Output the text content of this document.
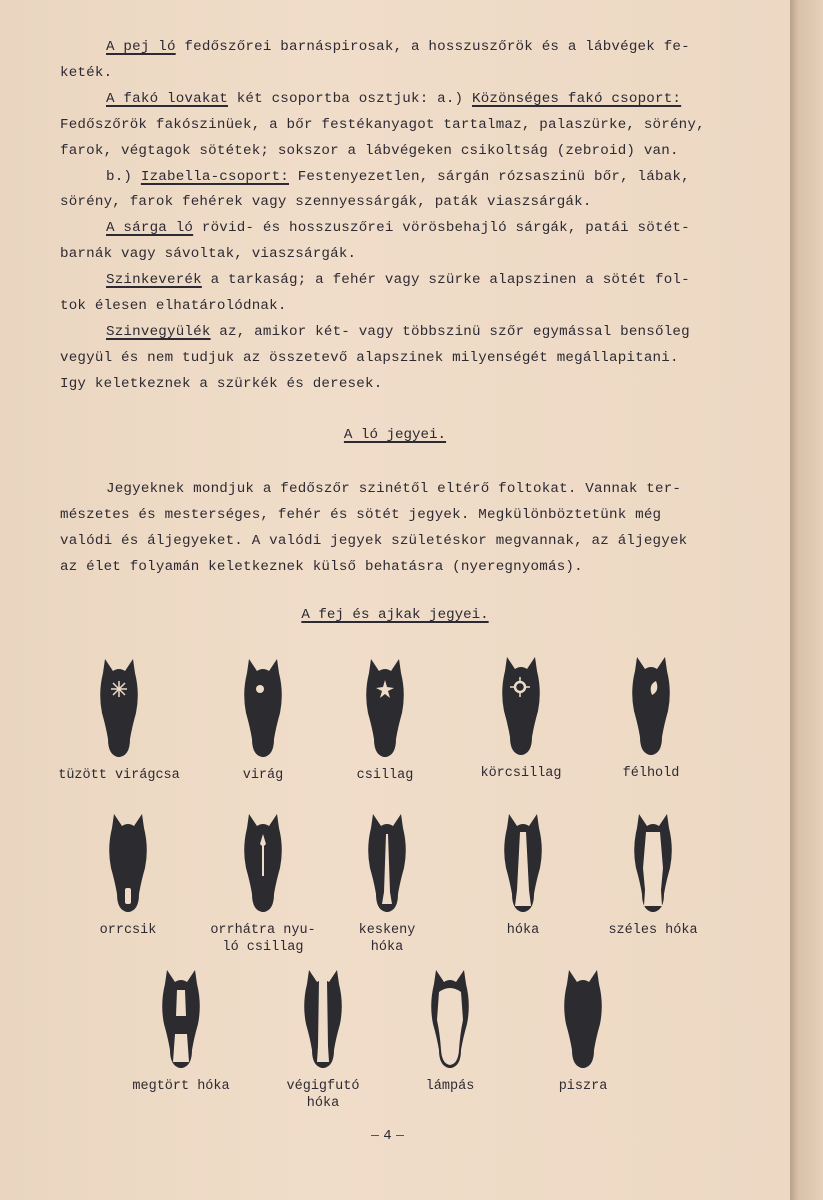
A pej ló fedőszőrei barnáspirosak, a hosszuszőrök és a lábvégek fe-

keték.

A fakó lovakat két csoportba osztjuk: a.) Közönséges fakó csoport:

Fedőszőrök fakószinüek, a bőr festékanyagot tartalmaz, palaszürke, sörény,

farok, végtagok sötétek; sokszor a lábvégeken csikoltság (zebroid) van.

b.) Izabella-csoport: Festenyezetlen, sárgán rózsaszinü bőr, lábak,

sörény, farok fehérek vagy szennyessárgák, paták viaszsárgák.

A sárga ló rövid- és hosszuszőrei vörösbehajló sárgák, patái sötét-

barnák vagy sávoltak, viaszsárgák.

Szinkeverék a tarkaság; a fehér vagy szürke alapszinen a sötét fol-

tok élesen elhatárolódnak.

Szinvegyülék az, amikor két- vagy többszinü szőr egymással bensőleg

vegyül és nem tudjuk az összetevő alapszinek milyenségét megállapitani.

Igy keletkeznek a szürkék és deresek.

A ló jegyei.
Jegyeknek mondjuk a fedőszőr szinétől eltérő foltokat. Vannak ter-
mészetes és mesterséges, fehér és sötét jegyek. Megkülönböztetünk még
valódi és áljegyeket. A valódi jegyek születéskor megvannak, az áljegyek
az élet folyamán keletkeznek külső behatásra (nyeregnyomás).
A fej és ajkak jegyei.
tüzött virágcsa	virág	csillag	körcsillag	félhold
orrcsik	orrhátra nyu-
ló csillag
keskeny
hóka
hóka	széles hóka
megtört hóka	végigfutó
hóka
lámpás	piszra
4
